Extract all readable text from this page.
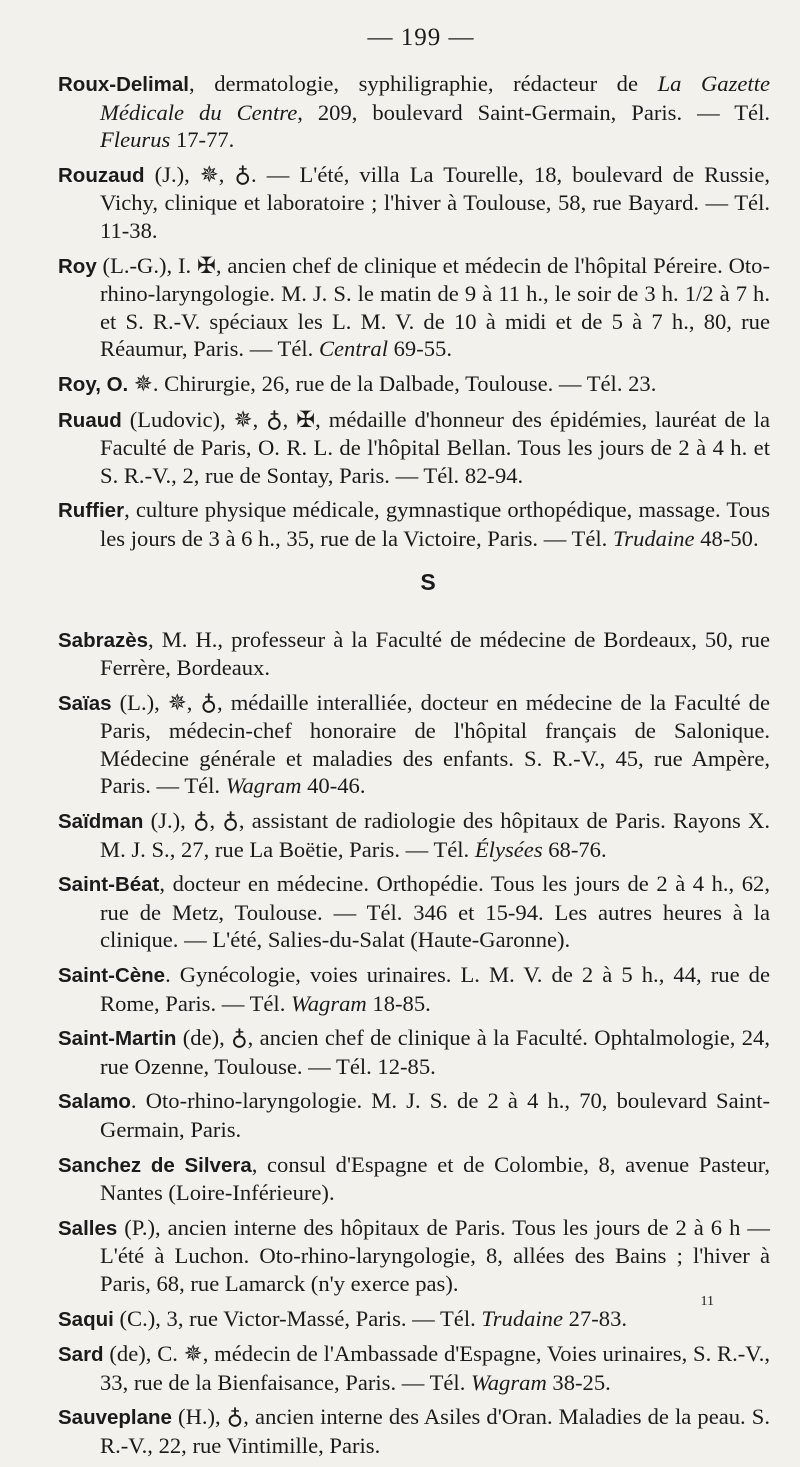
— 199 —
Roux-Delimal, dermatologie, syphiligraphie, rédacteur de La Gazette Médicale du Centre, 209, boulevard Saint-Germain, Paris. — Tél. Fleurus 17-77.
Rouzaud (J.), ✵, ♁. — L'été, villa La Tourelle, 18, boulevard de Russie, Vichy, clinique et laboratoire ; l'hiver à Toulouse, 58, rue Bayard. — Tél. 11-38.
Roy (L.-G.), I. ✠, ancien chef de clinique et médecin de l'hôpital Péreire. Oto-rhino-laryngologie. M. J. S. le matin de 9 à 11 h., le soir de 3 h. 1/2 à 7 h. et S. R.-V. spéciaux les L. M. V. de 10 à midi et de 5 à 7 h., 80, rue Réaumur, Paris. — Tél. Central 69-55.
Roy, O. ✵. Chirurgie, 26, rue de la Dalbade, Toulouse. — Tél. 23.
Ruaud (Ludovic), ✵, ♁, ✠, médaille d'honneur des épidémies, lauréat de la Faculté de Paris, O. R. L. de l'hôpital Bellan. Tous les jours de 2 à 4 h. et S. R.-V., 2, rue de Sontay, Paris. — Tél. 82-94.
Ruffier, culture physique médicale, gymnastique orthopédique, massage. Tous les jours de 3 à 6 h., 35, rue de la Victoire, Paris. — Tél. Trudaine 48-50.
S
Sabrazès, M. H., professeur à la Faculté de médecine de Bordeaux, 50, rue Ferrère, Bordeaux.
Saïas (L.), ✵, ♁, médaille interalliée, docteur en médecine de la Faculté de Paris, médecin-chef honoraire de l'hôpital français de Salonique. Médecine générale et maladies des enfants. S. R.-V., 45, rue Ampère, Paris. — Tél. Wagram 40-46.
Saïdman (J.), ♁, ♁, assistant de radiologie des hôpitaux de Paris. Rayons X. M. J. S., 27, rue La Boëtie, Paris. — Tél. Élysées 68-76.
Saint-Béat, docteur en médecine. Orthopédie. Tous les jours de 2 à 4 h., 62, rue de Metz, Toulouse. — Tél. 346 et 15-94. Les autres heures à la clinique. — L'été, Salies-du-Salat (Haute-Garonne).
Saint-Cène. Gynécologie, voies urinaires. L. M. V. de 2 à 5 h., 44, rue de Rome, Paris. — Tél. Wagram 18-85.
Saint-Martin (de), ♁, ancien chef de clinique à la Faculté. Ophtalmologie, 24, rue Ozenne, Toulouse. — Tél. 12-85.
Salamo. Oto-rhino-laryngologie. M. J. S. de 2 à 4 h., 70, boulevard Saint-Germain, Paris.
Sanchez de Silvera, consul d'Espagne et de Colombie, 8, avenue Pasteur, Nantes (Loire-Inférieure).
Salles (P.), ancien interne des hôpitaux de Paris. Tous les jours de 2 à 6 h — L'été à Luchon. Oto-rhino-laryngologie, 8, allées des Bains ; l'hiver à Paris, 68, rue Lamarck (n'y exerce pas).
Saqui (C.), 3, rue Victor-Massé, Paris. — Tél. Trudaine 27-83.
Sard (de), C. ✵, médecin de l'Ambassade d'Espagne, Voies urinaires, S. R.-V., 33, rue de la Bienfaisance, Paris. — Tél. Wagram 38-25.
Sauveplane (H.), ♁, ancien interne des Asiles d'Oran. Maladies de la peau. S. R.-V., 22, rue Vintimille, Paris.
11
